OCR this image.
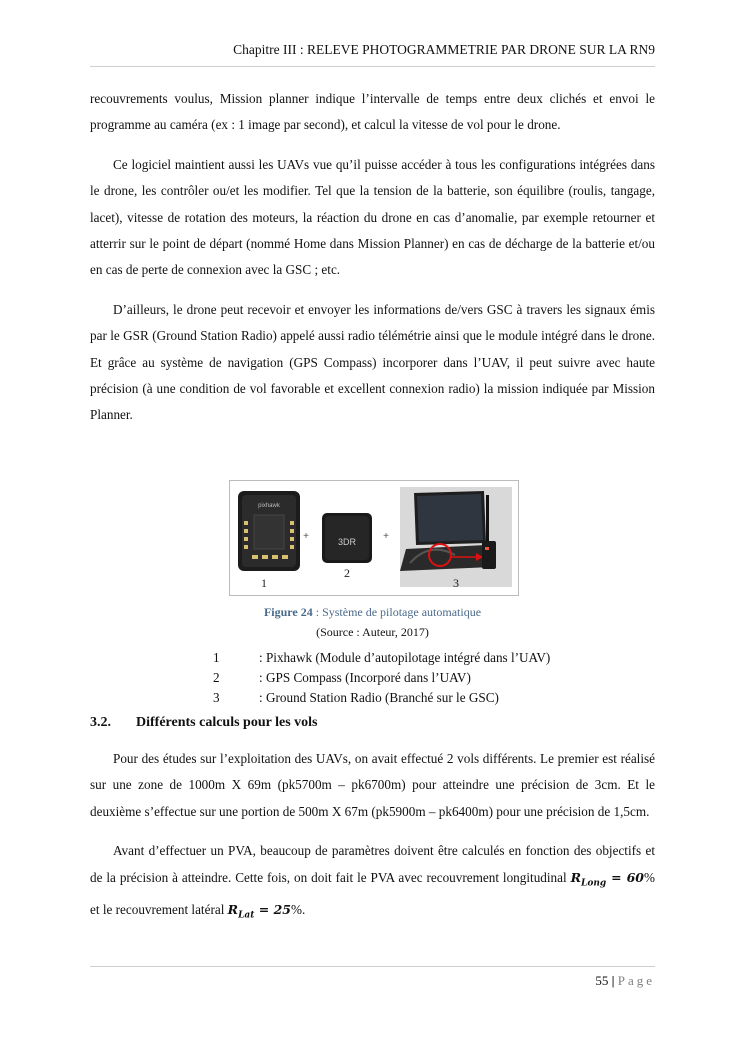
Chapitre III : RELEVE PHOTOGRAMMETRIE PAR DRONE SUR LA RN9

recouvrements voulus, Mission planner indique l’intervalle de temps entre deux clichés et envoi le programme au caméra (ex : 1 image par second), et calcul la vitesse de vol pour le drone.

Ce logiciel maintient aussi les UAVs vue qu’il puisse accéder à tous les configurations intégrées dans le drone, les contrôler ou/et les modifier. Tel que la tension de la batterie, son équilibre (roulis, tangage, lacet), vitesse de rotation des moteurs, la réaction du drone en cas d’anomalie, par exemple retourner et atterrir sur le point de départ (nommé Home dans Mission Planner) en cas de décharge de la batterie et/ou en cas de perte de connexion avec la GSC ; etc.

D’ailleurs, le drone peut recevoir et envoyer les informations de/vers GSC à travers les signaux émis par le GSR (Ground Station Radio) appelé aussi radio télémétrie ainsi que le module intégré dans le drone. Et grâce au système de navigation (GPS Compass) incorporer dans l’UAV, il peut suivre avec haute précision (à une condition de vol favorable et excellent connexion radio) la mission indiquée par Mission Planner.

pixhawk
1
+	3DR
2
+
3
Figure 24 : Système de pilotage automatique
(Source : Auteur, 2017)
1	: Pixhawk (Module d’autopilotage intégré dans l’UAV)
2	: GPS Compass (Incorporé dans l’UAV)
3	: Ground Station Radio (Branché sur le GSC)
3.2. Différents calculs pour les vols

Pour des études sur l’exploitation des UAVs, on avait effectué 2 vols différents. Le premier est réalisé sur une zone de 1000m X 69m (pk5700m – pk6700m) pour atteindre une précision de 3cm. Et le deuxième s’effectue sur une portion de 500m X 67m (pk5900m – pk6400m) pour une précision de 1,5cm.

Avant d’effectuer un PVA, beaucoup de paramètres doivent être calculés en fonction des objectifs et de la précision à atteindre. Cette fois, on doit fait le PVA avec recouvrement longitudinal $R_{Long} = 60\%$ et le recouvrement latéral $R_{Lat} = 25\%$.

55 | Page
